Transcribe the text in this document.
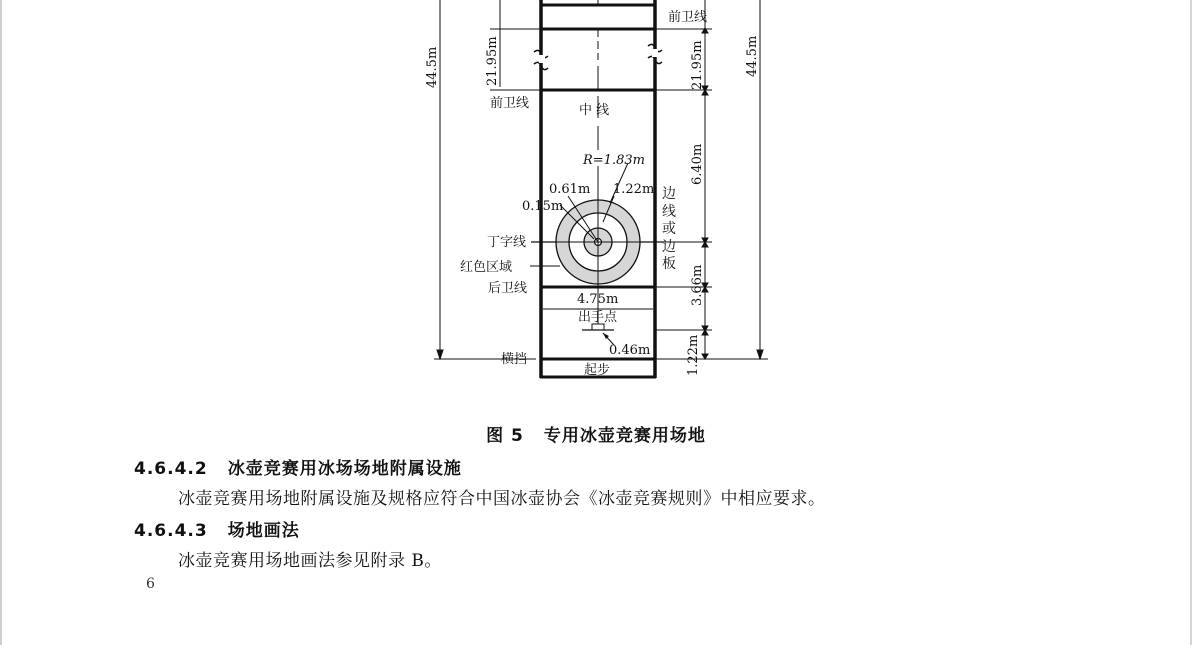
前卫线
前卫线	中 线
R=1.83m
0.61m 1.22m
0.15m
丁字线
红色区域
后卫线
4.75m
出手点
0.46m
横挡
起步
边
线
或
边
板
44.5m	21.95m	44.5m
21.95m
6.40m
3.66m
1.22m
图 5 专用冰壶竞赛用场地
4.6.4.2 冰壶竞赛用冰场场地附属设施
冰壶竞赛用场地附属设施及规格应符合中国冰壶协会《冰壶竞赛规则》中相应要求。
4.6.4.3 场地画法
冰壶竞赛用场地画法参见附录 B。
6
